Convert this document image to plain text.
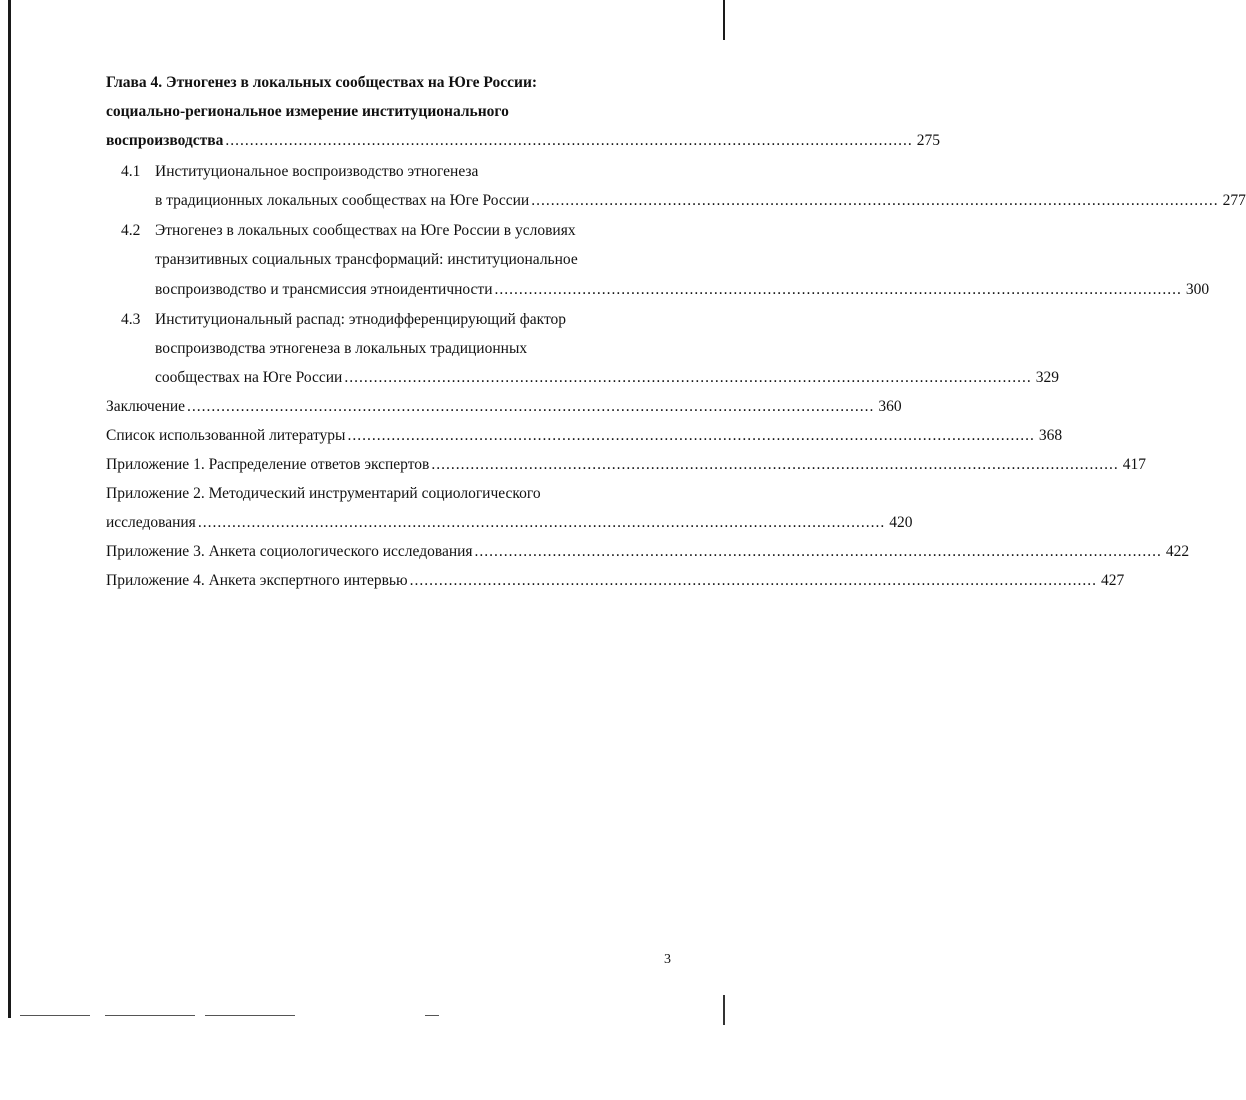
Глава 4. Этногенез в локальных сообществах на Юге России:
социально-региональное измерение институционального
воспроизводства ............................................................................................................................................. 275
4.1 Институциональное воспроизводство этногенеза
в традиционных локальных сообществах на Юге России ............................................................................................................................................. 277
4.2 Этногенез в локальных сообществах на Юге России в условиях
транзитивных социальных трансформаций: институциональное
воспроизводство и трансмиссия этноидентичности ............................................................................................................................................. 300
4.3 Институциональный распад: этнодифференцирующий фактор
воспроизводства этногенеза в локальных традиционных
сообществах на Юге России ............................................................................................................................................. 329
Заключение ............................................................................................................................................. 360
Список использованной литературы ............................................................................................................................................. 368
Приложение 1. Распределение ответов экспертов ............................................................................................................................................. 417
Приложение 2. Методический инструментарий социологического
исследования ............................................................................................................................................. 420
Приложение 3. Анкета социологического исследования ............................................................................................................................................. 422
Приложение 4. Анкета экспертного интервью ............................................................................................................................................. 427
3
